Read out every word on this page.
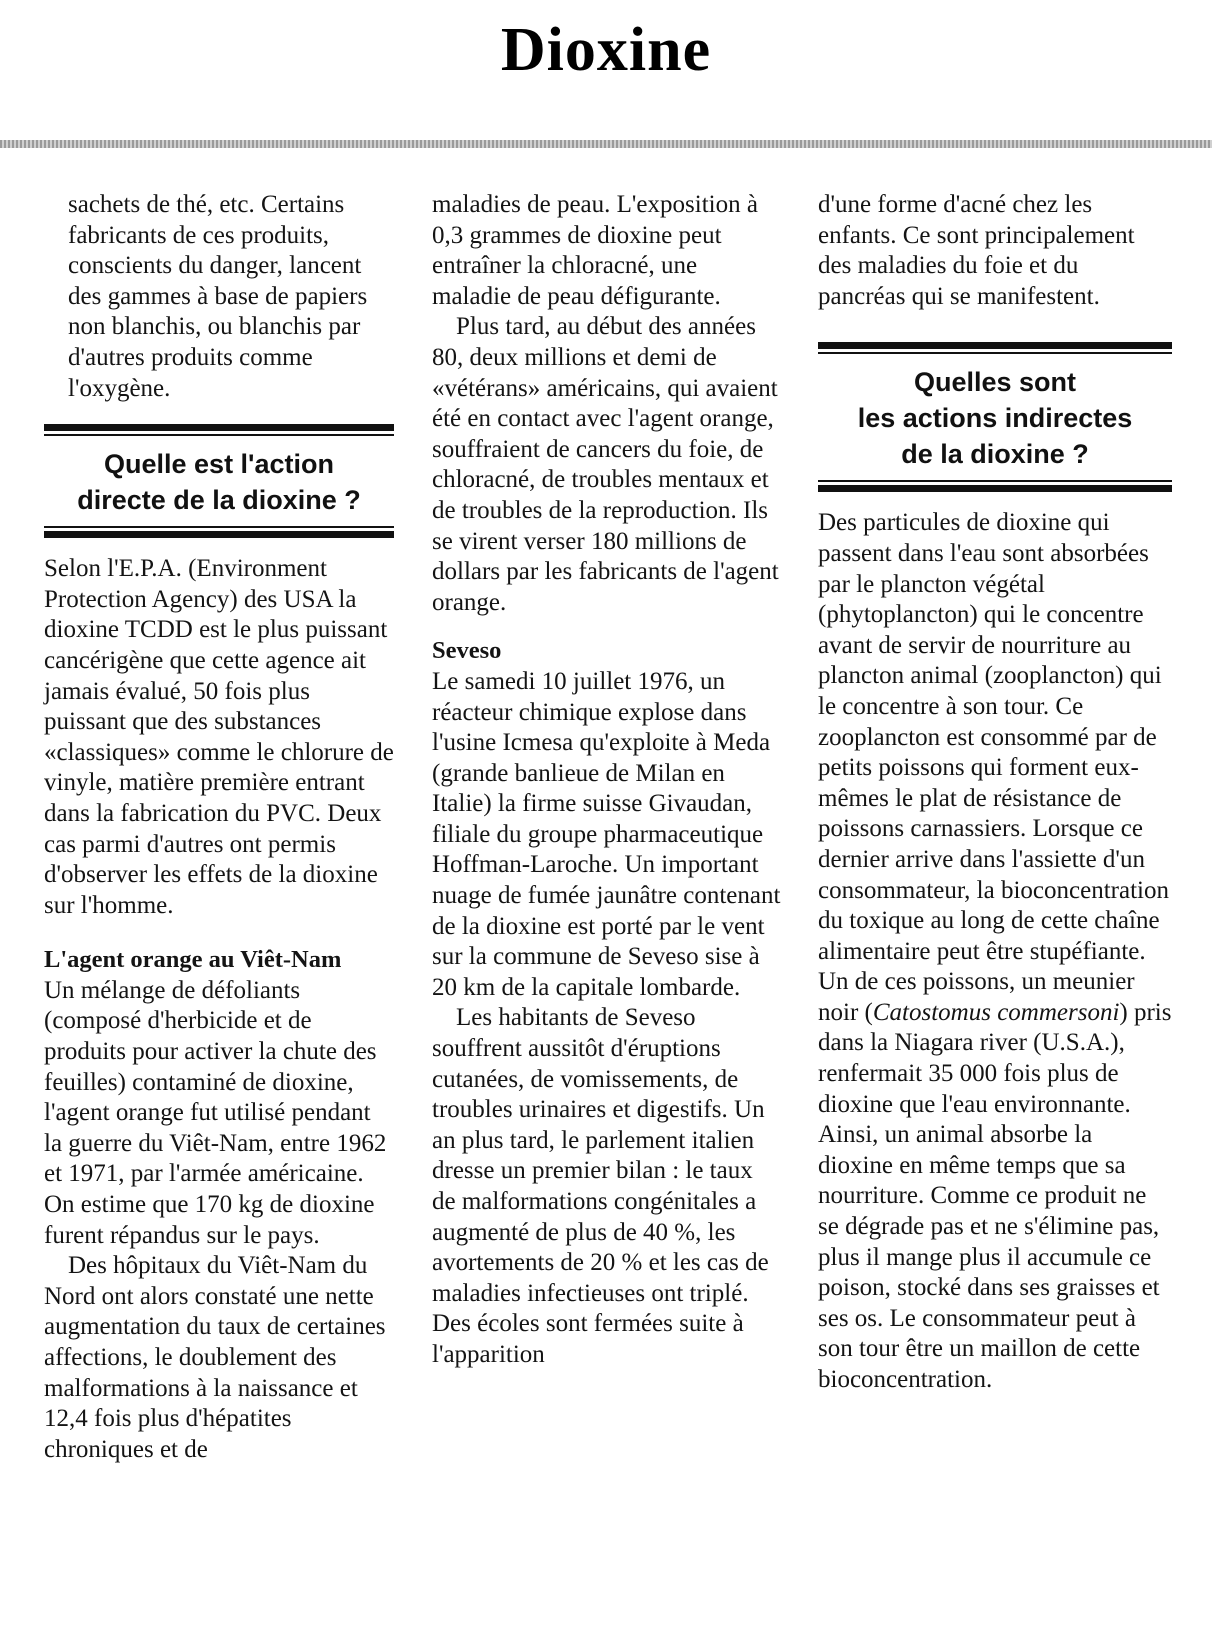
Dioxine

sachets de thé, etc. Certains fabricants de ces produits, conscients du danger, lancent des gammes à base de papiers non blanchis, ou blanchis par d'autres produits comme l'oxygène.

Quelle est l'action
directe de la dioxine ?

Selon l'E.P.A. (Environment Protection Agency) des USA la dioxine TCDD est le plus puissant cancérigène que cette agence ait jamais évalué, 50 fois plus puissant que des substances «classiques» comme le chlorure de vinyle, matière première entrant dans la fabrication du PVC. Deux cas parmi d'autres ont permis d'observer les effets de la dioxine sur l'homme.

L'agent orange au Viêt-Nam

Un mélange de défoliants (composé d'herbicide et de produits pour activer la chute des feuilles) contaminé de dioxine, l'agent orange fut utilisé pendant la guerre du Viêt-Nam, entre 1962 et 1971, par l'armée américaine. On estime que 170 kg de dioxine furent répandus sur le pays.

Des hôpitaux du Viêt-Nam du Nord ont alors constaté une nette augmentation du taux de certaines affections, le doublement des malformations à la naissance et 12,4 fois plus d'hépatites chroniques et de

maladies de peau. L'exposition à 0,3 grammes de dioxine peut entraîner la chloracné, une maladie de peau défigurante.

Plus tard, au début des années 80, deux millions et demi de «vétérans» américains, qui avaient été en contact avec l'agent orange, souffraient de cancers du foie, de chloracné, de troubles mentaux et de troubles de la reproduction. Ils se virent verser 180 millions de dollars par les fabricants de l'agent orange.

Seveso

Le samedi 10 juillet 1976, un réacteur chimique explose dans l'usine Icmesa qu'exploite à Meda (grande banlieue de Milan en Italie) la firme suisse Givaudan, filiale du groupe pharmaceutique Hoffman-Laroche. Un important nuage de fumée jaunâtre contenant de la dioxine est porté par le vent sur la commune de Seveso sise à 20 km de la capitale lombarde.

Les habitants de Seveso souffrent aussitôt d'éruptions cutanées, de vomissements, de troubles urinaires et digestifs. Un an plus tard, le parlement italien dresse un premier bilan : le taux de malformations congénitales a augmenté de plus de 40 %, les avortements de 20 % et les cas de maladies infectieuses ont triplé. Des écoles sont fermées suite à l'apparition

d'une forme d'acné chez les enfants. Ce sont principalement des maladies du foie et du pancréas qui se manifestent.

Quelles sont
les actions indirectes
de la dioxine ?

Des particules de dioxine qui passent dans l'eau sont absorbées par le plancton végétal (phytoplancton) qui le concentre avant de servir de nourriture au plancton animal (zooplancton) qui le concentre à son tour. Ce zooplancton est consommé par de petits poissons qui forment eux-mêmes le plat de résistance de poissons carnassiers. Lorsque ce dernier arrive dans l'assiette d'un consommateur, la bioconcentration du toxique au long de cette chaîne alimentaire peut être stupéfiante. Un de ces poissons, un meunier noir (Catostomus commersoni) pris dans la Niagara river (U.S.A.), renfermait 35 000 fois plus de dioxine que l'eau environnante. Ainsi, un animal absorbe la dioxine en même temps que sa nourriture. Comme ce produit ne se dégrade pas et ne s'élimine pas, plus il mange plus il accumule ce poison, stocké dans ses graisses et ses os. Le consommateur peut à son tour être un maillon de cette bioconcentration.
